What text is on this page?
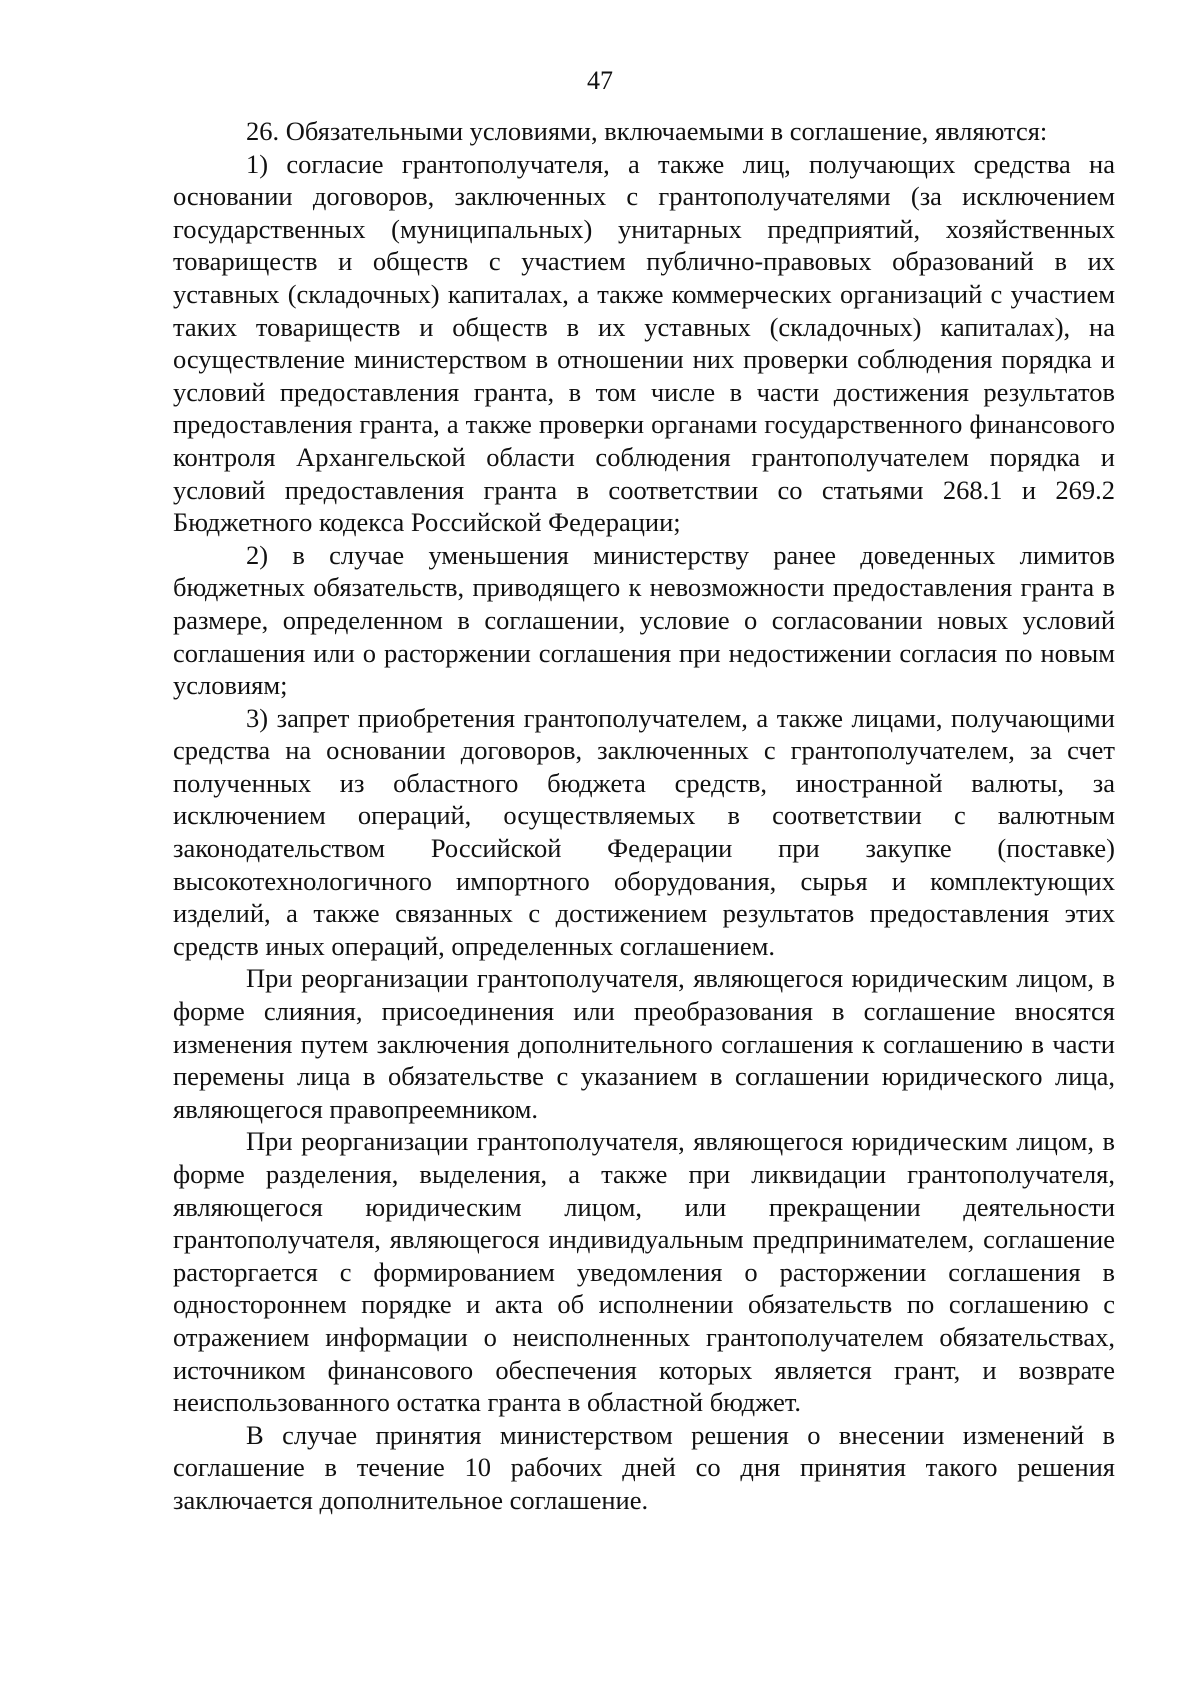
47

26. Обязательными условиями, включаемыми в соглашение, являются:

1) согласие грантополучателя, а также лиц, получающих средства на основании договоров, заключенных с грантополучателями (за исключением государственных (муниципальных) унитарных предприятий, хозяйственных товариществ и обществ с участием публично-правовых образований в их уставных (складочных) капиталах, а также коммерческих организаций с участием таких товариществ и обществ в их уставных (складочных) капиталах), на осуществление министерством в отношении них проверки соблюдения порядка и условий предоставления гранта, в том числе в части достижения результатов предоставления гранта, а также проверки органами государственного финансового контроля Архангельской области соблюдения грантополучателем порядка и условий предоставления гранта в соответствии со статьями 268.1 и 269.2 Бюджетного кодекса Российской Федерации;

2) в случае уменьшения министерству ранее доведенных лимитов бюджетных обязательств, приводящего к невозможности предоставления гранта в размере, определенном в соглашении, условие о согласовании новых условий соглашения или о расторжении соглашения при недостижении согласия по новым условиям;

3) запрет приобретения грантополучателем, а также лицами, получающими средства на основании договоров, заключенных с грантополучателем, за счет полученных из областного бюджета средств, иностранной валюты, за исключением операций, осуществляемых в соответствии с валютным законодательством Российской Федерации при закупке (поставке) высокотехнологичного импортного оборудования, сырья и комплектующих изделий, а также связанных с достижением результатов предоставления этих средств иных операций, определенных соглашением.

При реорганизации грантополучателя, являющегося юридическим лицом, в форме слияния, присоединения или преобразования в соглашение вносятся изменения путем заключения дополнительного соглашения к соглашению в части перемены лица в обязательстве с указанием в соглашении юридического лица, являющегося правопреемником.

При реорганизации грантополучателя, являющегося юридическим лицом, в форме разделения, выделения, а также при ликвидации грантополучателя, являющегося юридическим лицом, или прекращении деятельности грантополучателя, являющегося индивидуальным предпринимателем, соглашение расторгается с формированием уведомления о расторжении соглашения в одностороннем порядке и акта об исполнении обязательств по соглашению с отражением информации о неисполненных грантополучателем обязательствах, источником финансового обеспечения которых является грант, и возврате неиспользованного остатка гранта в областной бюджет.

В случае принятия министерством решения о внесении изменений в соглашение в течение 10 рабочих дней со дня принятия такого решения заключается дополнительное соглашение.
